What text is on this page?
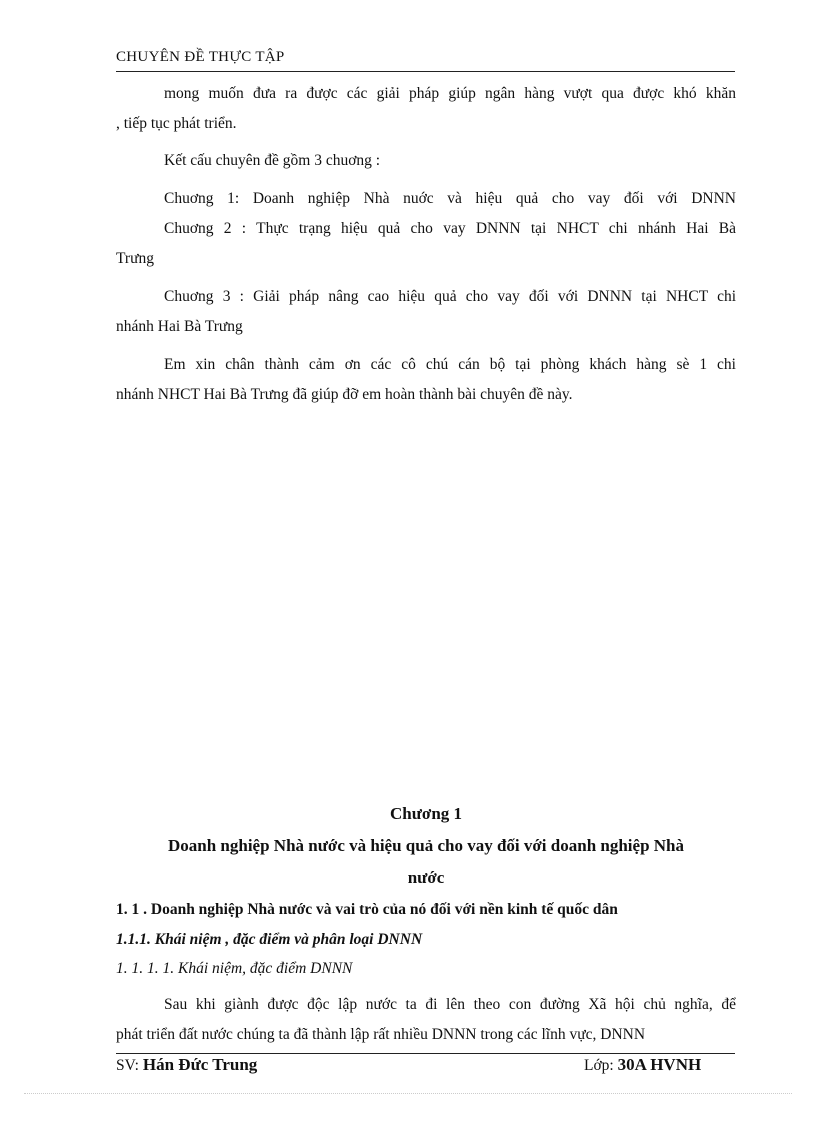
CHUYÊN ĐỀ THỰC TẬP
mong muốn đưa ra được các giải pháp giúp ngân hàng vượt qua được khó khăn
, tiếp tục phát triển.
Kết cấu chuyên đề gồm 3 chuơng :
Chuơng 1: Doanh nghiệp Nhà nuớc và hiệu quả cho vay đối với DNNN
Chuơng 2 : Thực trạng hiệu quả cho vay DNNN tại NHCT chi nhánh Hai Bà
Trưng
Chuơng 3 : Giải pháp nâng cao hiệu quả cho vay đối với DNNN tại NHCT chi
nhánh Hai Bà Trưng
Em xin chân thành cảm ơn các cô chú cán bộ tại phòng khách hàng sè 1 chi
nhánh NHCT Hai Bà Trưng đã giúp đỡ em hoàn thành bài chuyên đề này.
Chương 1
Doanh nghiệp Nhà nước và hiệu quả cho vay đối với doanh nghiệp Nhà
nước
1. 1 . Doanh nghiệp Nhà nước và vai trò của nó đối với nền kinh tế quốc dân
1.1.1. Khái niệm , đặc điểm và phân loại DNNN
1. 1. 1. 1. Khái niệm, đặc điểm DNNN
Sau khi giành được độc lập nước ta đi lên theo con đường Xã hội chủ nghĩa, để
phát triển đất nước chúng ta đã thành lập rất nhiều DNNN trong các lĩnh vực, DNNN
SV: Hán Đức Trung	Lớp: 30A HVNH
